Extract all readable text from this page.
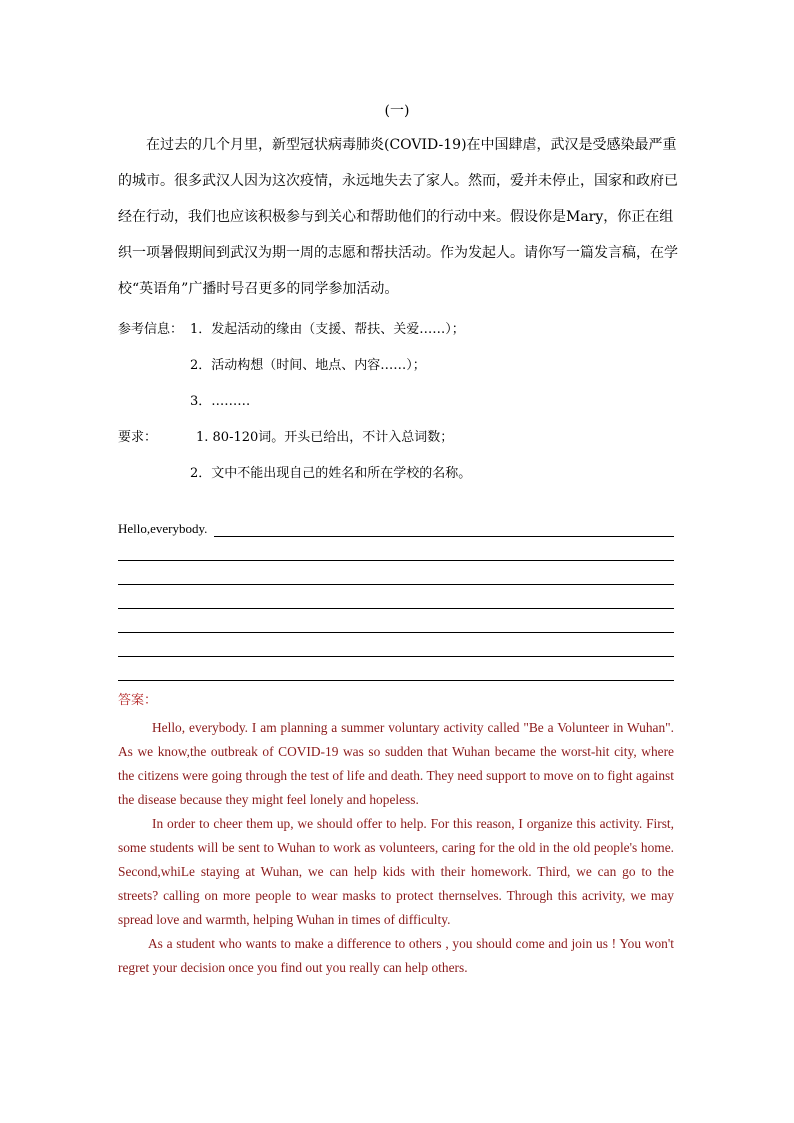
(一)

在过去的几个月里，新型冠状病毒肺炎(COVID-19)在中国肆虐，武汉是受感染最严重的城市。很多武汉人因为这次疫情，永远地失去了家人。然而，爱并未停止，国家和政府已经在行动，我们也应该积极参与到关心和帮助他们的行动中来。假设你是Mary，你正在组织一项暑假期间到武汉为期一周的志愿和帮扶活动。作为发起人。请你写一篇发言稿，在学校“英语角”广播时号召更多的同学参加活动。

参考信息： 1．发起活动的缘由（支援、帮扶、关爱……）；
2．活动构想（时间、地点、内容……）；
3．………
要求：	1. 80-120词。开头已给出，不计入总词数；
2．文中不能出现自己的姓名和所在学校的名称。
Hello,everybody.
答案：

Hello, everybody. I am planning a summer voluntary activity called "Be a Volunteer in Wuhan". As we know,the outbreak of COVID-19 was so sudden that Wuhan became the worst-hit city, where the citizens were going through the test of life and death. They need support to move on to fight against the disease because they might feel lonely and hopeless.

In order to cheer them up, we should offer to help. For this reason, I organize this activity. First, some students will be sent to Wuhan to work as volunteers, caring for the old in the old people's home. Second,whiLe staying at Wuhan, we can help kids with their homework. Third, we can go to the streets? calling on more people to wear masks to protect thernselves. Through this acrivity, we may spread love and warmth, helping Wuhan in times of difficulty.

As a student who wants to make a difference to others , you should come and join us ! You won't regret your decision once you find out you really can help others.
